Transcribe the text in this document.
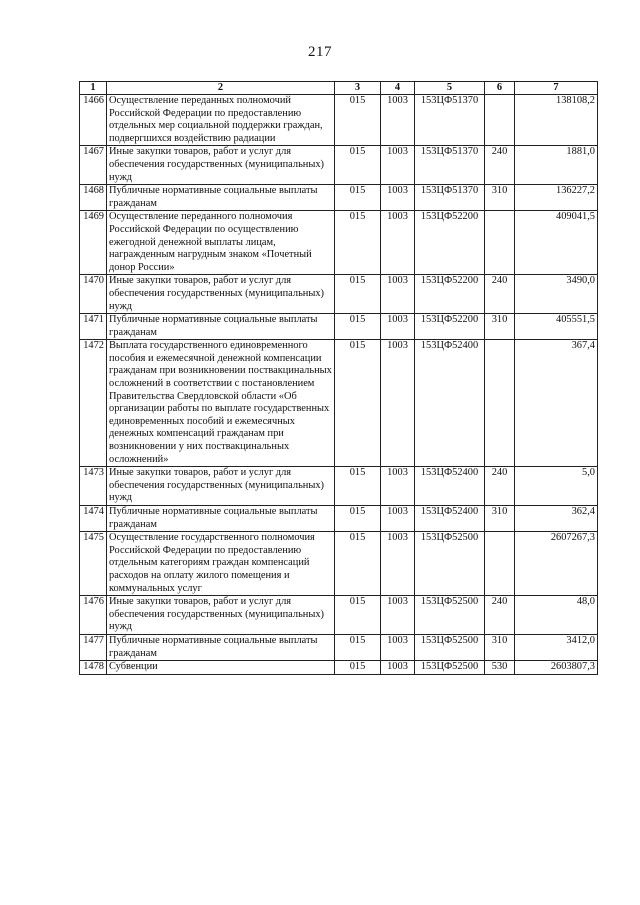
217
1	2	3	4	5	6	7
1466	Осуществление переданных полномочий Российской Федерации по предоставлению отдельных мер социальной поддержки граждан, подвергшихся воздействию радиации	015	1003	153ЦФ51370		138108,2
1467	Иные закупки товаров, работ и услуг для обеспечения государственных (муниципальных) нужд	015	1003	153ЦФ51370	240	1881,0
1468	Публичные нормативные социальные выплаты гражданам	015	1003	153ЦФ51370	310	136227,2
1469	Осуществление переданного полномочия Российской Федерации по осуществлению ежегодной денежной выплаты лицам, награжденным нагрудным знаком «Почетный донор России»	015	1003	153ЦФ52200		409041,5
1470	Иные закупки товаров, работ и услуг для обеспечения государственных (муниципальных) нужд	015	1003	153ЦФ52200	240	3490,0
1471	Публичные нормативные социальные выплаты гражданам	015	1003	153ЦФ52200	310	405551,5
1472	Выплата государственного единовременного пособия и ежемесячной денежной компенсации гражданам при возникновении поствакцинальных осложнений в соответствии с постановлением Правительства Свердловской области «Об организации работы по выплате государственных единовременных пособий и ежемесячных денежных компенсаций гражданам при возникновении у них поствакцинальных осложнений»	015	1003	153ЦФ52400		367,4
1473	Иные закупки товаров, работ и услуг для обеспечения государственных (муниципальных) нужд	015	1003	153ЦФ52400	240	5,0
1474	Публичные нормативные социальные выплаты гражданам	015	1003	153ЦФ52400	310	362,4
1475	Осуществление государственного полномочия Российской Федерации по предоставлению отдельным категориям граждан компенсаций расходов на оплату жилого помещения и коммунальных услуг	015	1003	153ЦФ52500		2607267,3
1476	Иные закупки товаров, работ и услуг для обеспечения государственных (муниципальных) нужд	015	1003	153ЦФ52500	240	48,0
1477	Публичные нормативные социальные выплаты гражданам	015	1003	153ЦФ52500	310	3412,0
1478	Субвенции	015	1003	153ЦФ52500	530	2603807,3
